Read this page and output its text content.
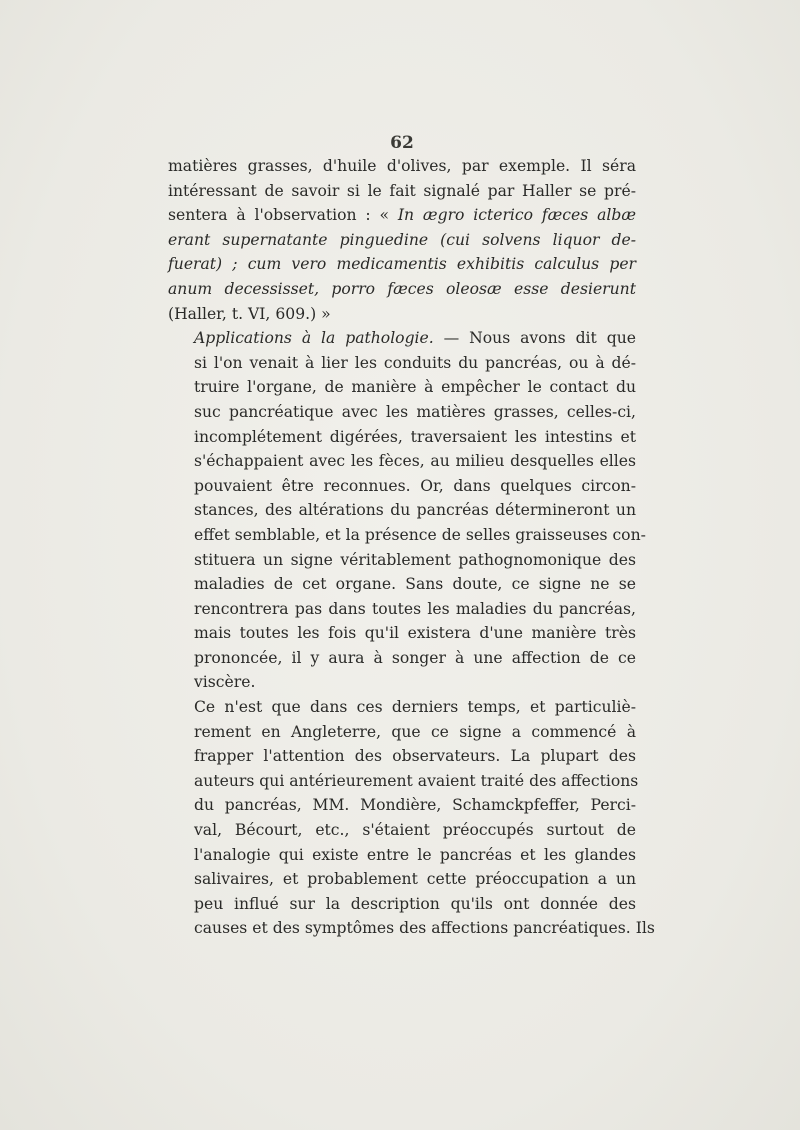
62

matières grasses, d'huile d'olives, par exemple. Il séra
intéressant de savoir si le fait signalé par Haller se pré-
sentera à l'observation : « In ægro icterico fæces albæ
erant supernatante pinguedine (cui solvens liquor de-
fuerat) ; cum vero medicamentis exhibitis calculus per
anum decessisset, porro fæces oleosæ esse desierunt
(Haller, t. VI, 609.) »

Applications à la pathologie. — Nous avons dit que
si l'on venait à lier les conduits du pancréas, ou à dé-
truire l'organe, de manière à empêcher le contact du
suc pancréatique avec les matières grasses, celles-ci,
incomplétement digérées, traversaient les intestins et
s'échappaient avec les fèces, au milieu desquelles elles
pouvaient être reconnues. Or, dans quelques circon-
stances, des altérations du pancréas détermineront un
effet semblable, et la présence de selles graisseuses con-
stituera un signe véritablement pathognomonique des
maladies de cet organe. Sans doute, ce signe ne se
rencontrera pas dans toutes les maladies du pancréas,
mais toutes les fois qu'il existera d'une manière très
prononcée, il y aura à songer à une affection de ce
viscère.

Ce n'est que dans ces derniers temps, et particuliè-
rement en Angleterre, que ce signe a commencé à
frapper l'attention des observateurs. La plupart des
auteurs qui antérieurement avaient traité des affections
du pancréas, MM. Mondière, Schamckpfeffer, Perci-
val, Bécourt, etc., s'étaient préoccupés surtout de
l'analogie qui existe entre le pancréas et les glandes
salivaires, et probablement cette préoccupation a un
peu influé sur la description qu'ils ont donnée des
causes et des symptômes des affections pancréatiques. Ils
